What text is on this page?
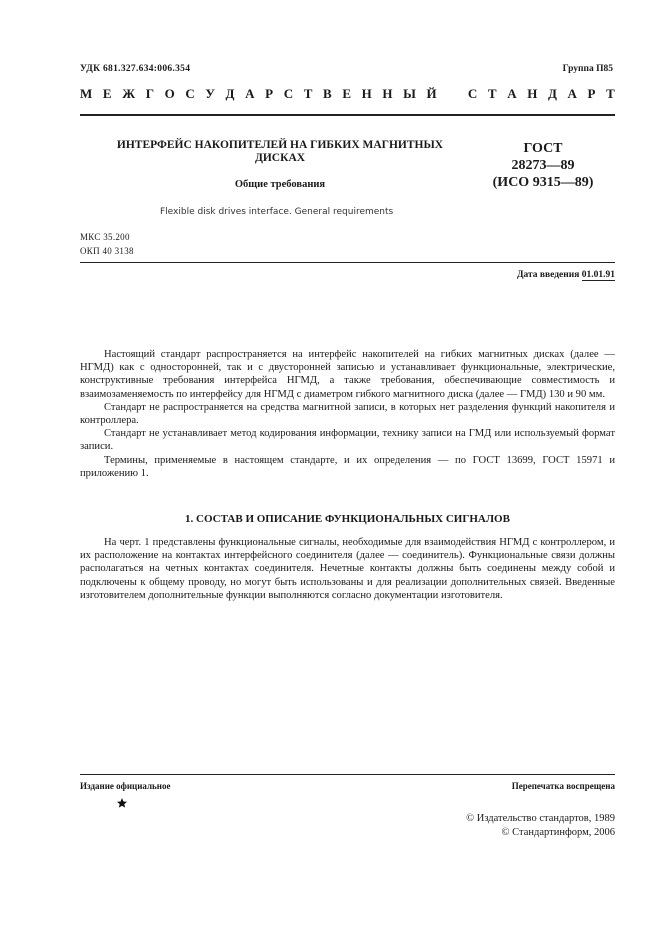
УДК 681.327.634:006.354	Группа П85
М Е Ж Г О С У Д А Р С Т В Е Н Н Ы Й С Т А Н Д А Р Т
ИНТЕРФЕЙС НАКОПИТЕЛЕЙ НА ГИБКИХ МАГНИТНЫХ
ДИСКАХ
Общие требования
ГОСТ
28273—89
(ИСО 9315—89)
Flexible disk drives interface. General requirements
МКС 35.200
ОКП 40 3138
Дата введения 01.01.91

Настоящий стандарт распространяется на интерфейс накопителей на гибких магнитных дисках (далее — НГМД) как с односторонней, так и с двусторонней записью и устанавливает функциональные, электрические, конструктивные требования интерфейса НГМД, а также требования, обеспечивающие совместимость и взаимозаменяемость по интерфейсу для НГМД с диаметром гибкого магнитного диска (далее — ГМД) 130 и 90 мм.

Стандарт не распространяется на средства магнитной записи, в которых нет разделения функций накопителя и контроллера.

Стандарт не устанавливает метод кодирования информации, технику записи на ГМД или используемый формат записи.

Термины, применяемые в настоящем стандарте, и их определения — по ГОСТ 13699, ГОСТ 15971 и приложению 1.

1. СОСТАВ И ОПИСАНИЕ ФУНКЦИОНАЛЬНЫХ СИГНАЛОВ

На черт. 1 представлены функциональные сигналы, необходимые для взаимодействия НГМД с контроллером, и их расположение на контактах интерфейсного соединителя (далее — соединитель). Функциональные связи должны располагаться на четных контактах соединителя. Нечетные контакты должны быть соединены между собой и подключены к общему проводу, но могут быть использованы и для реализации дополнительных связей. Введенные изготовителем дополнительные функции выполняются согласно документации изготовителя.

Издание официальное	Перепечатка воспрещена
© Издательство стандартов, 1989
© Стандартинформ, 2006
